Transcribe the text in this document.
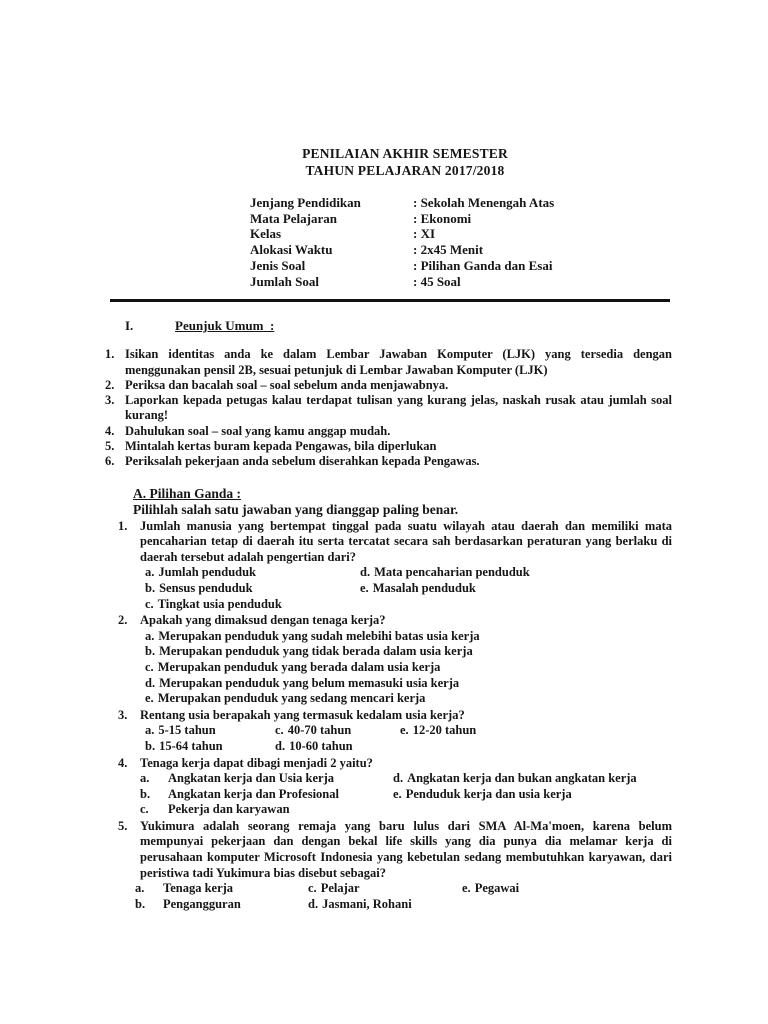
PENILAIAN AKHIR SEMESTER
TAHUN PELAJARAN 2017/2018
Jenjang Pendidikan	: Sekolah Menengah Atas
Mata Pelajaran	: Ekonomi
Kelas	: XI
Alokasi Waktu	: 2x45 Menit
Jenis Soal	: Pilihan Ganda dan Esai
Jumlah Soal	: 45 Soal
I.	Peunjuk Umum  :
1. Isikan identitas anda ke dalam Lembar Jawaban Komputer (LJK) yang tersedia dengan menggunakan pensil 2B, sesuai petunjuk di Lembar Jawaban Komputer (LJK)
2. Periksa dan bacalah soal – soal sebelum anda menjawabnya.
3. Laporkan kepada petugas kalau terdapat tulisan yang kurang jelas, naskah rusak atau jumlah soal kurang!
4. Dahulukan soal – soal yang kamu anggap mudah.
5. Mintalah kertas buram kepada Pengawas, bila diperlukan
6. Periksalah pekerjaan anda sebelum diserahkan kepada Pengawas.
A. Pilihan Ganda :
Pilihlah salah satu jawaban yang dianggap paling benar.
1.	Jumlah manusia yang bertempat tinggal pada suatu wilayah atau daerah dan memiliki mata pencaharian tetap di daerah itu serta tercatat secara sah berdasarkan peraturan yang berlaku di daerah tersebut adalah pengertian dari?
a. Jumlah penduduk	d. Mata pencaharian penduduk
b. Sensus penduduk	e. Masalah penduduk
c. Tingkat usia penduduk
2.	Apakah yang dimaksud dengan tenaga kerja?
a. Merupakan penduduk yang sudah melebihi batas usia kerja
b. Merupakan penduduk yang tidak berada dalam usia kerja
c. Merupakan penduduk yang berada dalam usia kerja
d. Merupakan penduduk yang belum memasuki usia kerja
e. Merupakan penduduk yang sedang mencari kerja
3.	Rentang usia berapakah yang termasuk kedalam usia kerja?
a. 5-15 tahun	c. 40-70 tahun	e. 12-20 tahun
b. 15-64 tahun	d. 10-60 tahun
4.	Tenaga kerja dapat dibagi menjadi 2 yaitu?
a. Angkatan kerja dan Usia kerja	d. Angkatan kerja dan bukan angkatan kerja
b. Angkatan kerja dan Profesional	e. Penduduk kerja dan usia kerja
c. Pekerja dan karyawan
5.	Yukimura adalah seorang remaja yang baru lulus dari SMA Al-Ma'moen, karena belum mempunyai pekerjaan dan dengan bekal life skills yang dia punya dia melamar kerja di perusahaan komputer Microsoft Indonesia yang kebetulan sedang membutuhkan karyawan, dari peristiwa tadi Yukimura bias disebut sebagai?
a. Tenaga kerja	c. Pelajar	e. Pegawai
b. Pengangguran	d. Jasmani, Rohani
